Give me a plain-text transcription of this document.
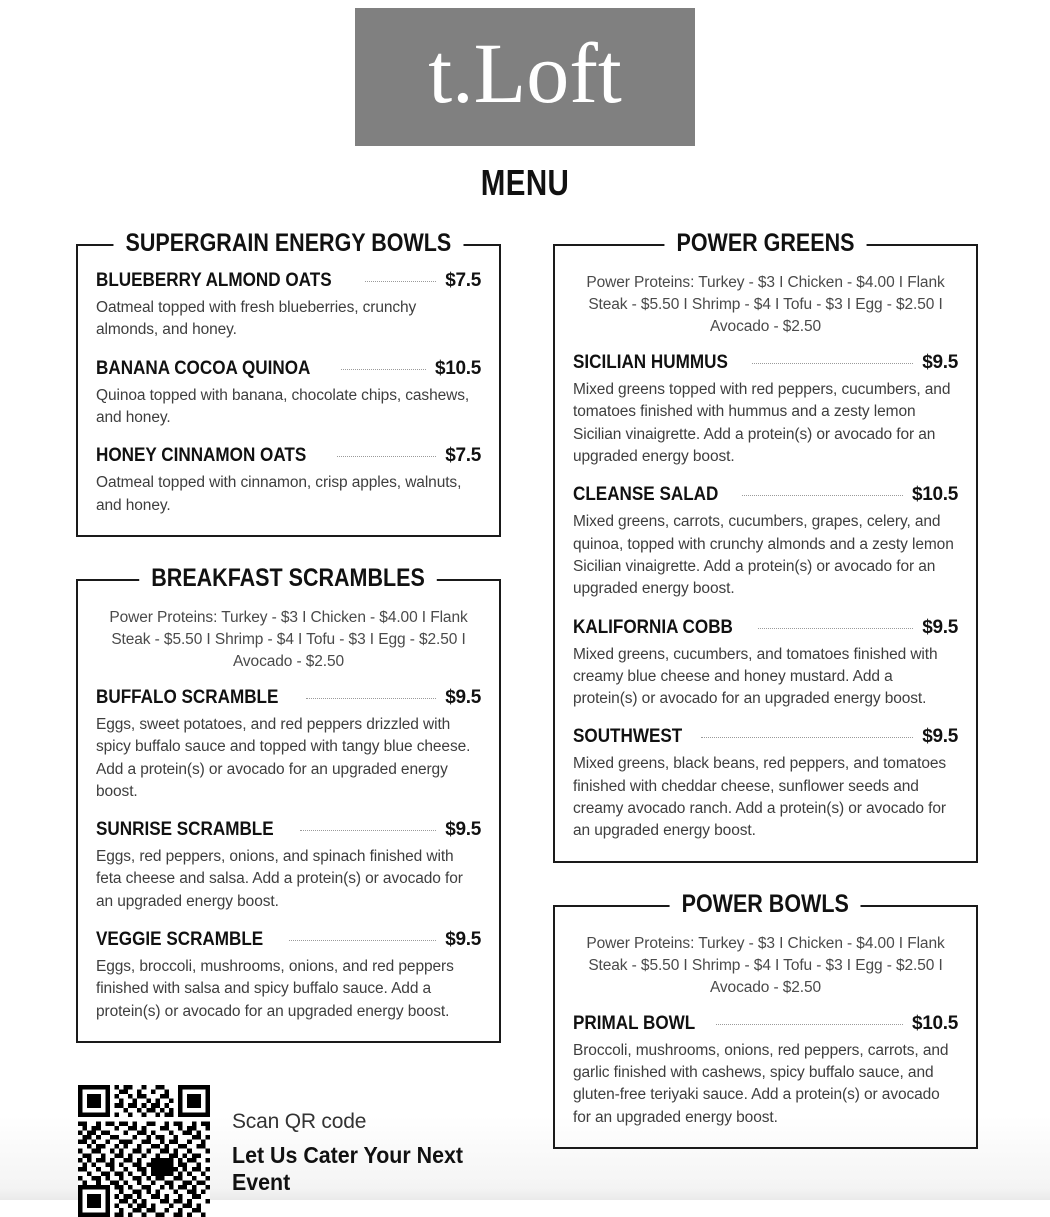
t.Loft
MENU
SUPERGRAIN ENERGY BOWLS
BLUEBERRY ALMOND OATS	$7.5
Oatmeal topped with fresh blueberries, crunchy almonds, and honey.
BANANA COCOA QUINOA	$10.5
Quinoa topped with banana, chocolate chips, cashews, and honey.
HONEY CINNAMON OATS	$7.5
Oatmeal topped with cinnamon, crisp apples, walnuts, and honey.
BREAKFAST SCRAMBLES
Power Proteins: Turkey - $3 I Chicken - $4.00 I Flank Steak - $5.50 I Shrimp - $4 I Tofu - $3 I Egg - $2.50 I Avocado - $2.50
BUFFALO SCRAMBLE	$9.5
Eggs, sweet potatoes, and red peppers drizzled with spicy buffalo sauce and topped with tangy blue cheese. Add a protein(s) or avocado for an upgraded energy boost.
SUNRISE SCRAMBLE	$9.5
Eggs, red peppers, onions, and spinach finished with feta cheese and salsa. Add a protein(s) or avocado for an upgraded energy boost.
VEGGIE SCRAMBLE	$9.5
Eggs, broccoli, mushrooms, onions, and red peppers finished with salsa and spicy buffalo sauce. Add a protein(s) or avocado for an upgraded energy boost.
Scan QR code
Let Us Cater Your Next Event
POWER GREENS
Power Proteins: Turkey - $3 I Chicken - $4.00 I Flank Steak - $5.50 I Shrimp - $4 I Tofu - $3 I Egg - $2.50 I Avocado - $2.50
SICILIAN HUMMUS	$9.5
Mixed greens topped with red peppers, cucumbers, and tomatoes finished with hummus and a zesty lemon Sicilian vinaigrette. Add a protein(s) or avocado for an upgraded energy boost.
CLEANSE SALAD	$10.5
Mixed greens, carrots, cucumbers, grapes, celery, and quinoa, topped with crunchy almonds and a zesty lemon Sicilian vinaigrette. Add a protein(s) or avocado for an upgraded energy boost.
KALIFORNIA COBB	$9.5
Mixed greens, cucumbers, and tomatoes finished with creamy blue cheese and honey mustard. Add a protein(s) or avocado for an upgraded energy boost.
SOUTHWEST	$9.5
Mixed greens, black beans, red peppers, and tomatoes finished with cheddar cheese, sunflower seeds and creamy avocado ranch. Add a protein(s) or avocado for an upgraded energy boost.
POWER BOWLS
Power Proteins: Turkey - $3 I Chicken - $4.00 I Flank Steak - $5.50 I Shrimp - $4 I Tofu - $3 I Egg - $2.50 I Avocado - $2.50
PRIMAL BOWL	$10.5
Broccoli, mushrooms, onions, red peppers, carrots, and garlic finished with cashews, spicy buffalo sauce, and gluten-free teriyaki sauce. Add a protein(s) or avocado for an upgraded energy boost.
